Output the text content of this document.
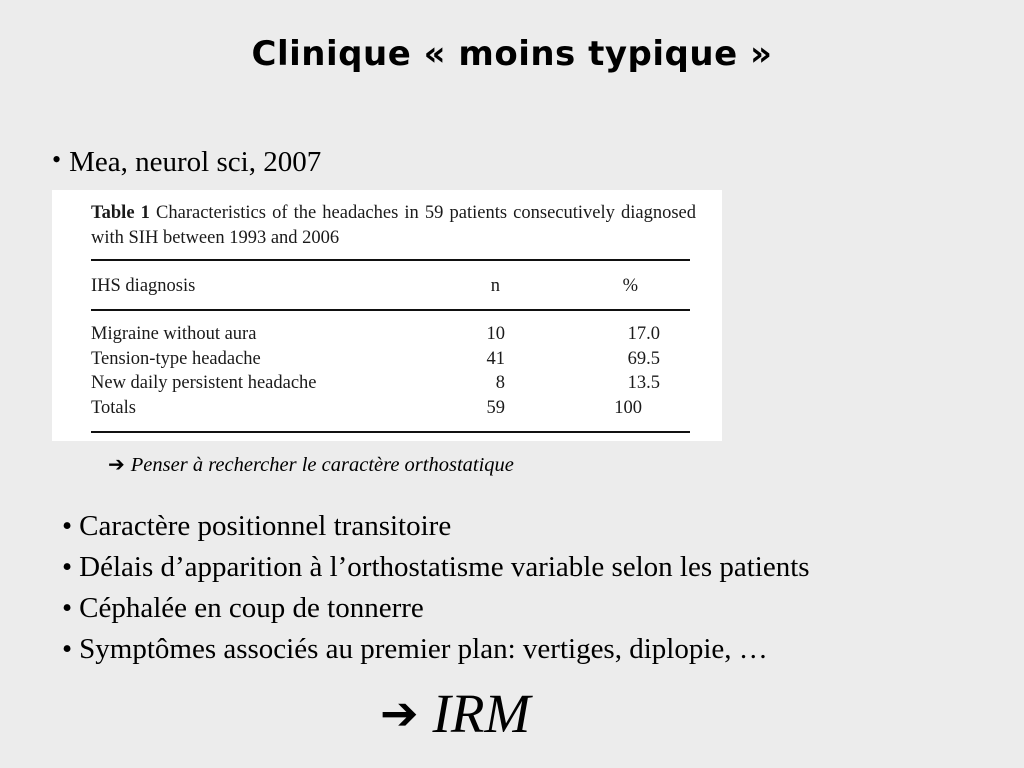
Clinique « moins typique »
• Mea, neurol sci, 2007
Table 1 Characteristics of the headaches in 59 patients consecutively diagnosed with SIH between 1993 and 2006
IHS diagnosis	n	%
Migraine without aura	10	17.0
Tension-type headache	41	69.5
New daily persistent headache	8	13.5
Totals	59	100
➔ Penser à rechercher le caractère orthostatique
• Caractère positionnel transitoire
• Délais d’apparition à l’orthostatisme variable selon les patients
• Céphalée en coup de tonnerre
• Symptômes associés au premier plan: vertiges, diplopie, …
➔ IRM
